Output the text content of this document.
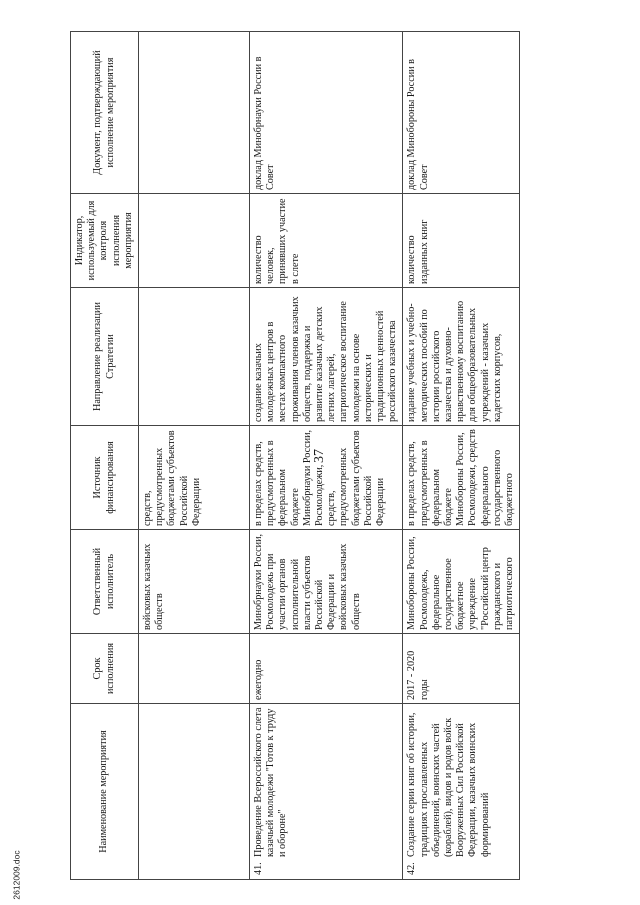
Наименование мероприятия	Срок исполнения	Ответственный исполнитель	Источник финансирования	Направление реализации Стратегии	Индикатор, используемый для контроля исполнения мероприятия	Документ, подтверждающий исполнение мероприятия

		войсковых казачьих обществ	средств, предусмотренных бюджетами субъектов Российской Федерации			

41.
Проведение Всероссийского слета казачьей молодежи "Готов к труду и обороне"	ежегодно	Минобрнауки России, Росмолодежь при участии органов исполнительной власти субъектов Российской Федерации и войсковых казачьих обществ	в пределах средств, предусмотренных в федеральном бюджете Минобрнауки России, Росмолодежи, средств, предусмотренных бюджетами субъектов Российской Федерации	создание казачьих молодежных центров в местах компактного проживания членов казачьих обществ, поддержка и развитие казачьих детских летних лагерей, патриотическое воспитание молодежи на основе исторических и традиционных ценностей российского казачества	количество человек, принявших участие в слете	доклад Минобрнауки России в Совет

42.
Создание серии книг об истории, традициях прославленных объединений, воинских частей (кораблей), видов и родов войск Вооруженных Сил Российской Федерации, казачьих воинских формирований	2017 - 2020 годы	Минобороны России, Росмолодежь, федеральное государственное бюджетное учреждение "Российский центр гражданского и патриотического	в пределах средств, предусмотренных в федеральном бюджете Минобороны России, Росмолодежи, средств федерального государственного бюджетного	издание учебных и учебно-методических пособий по истории российского казачества и духовно-нравственному воспитанию для общеобразовательных учреждений - казачьих кадетских корпусов,	количество изданных книг	доклад Минобороны России в Совет
37
2612009.doc
